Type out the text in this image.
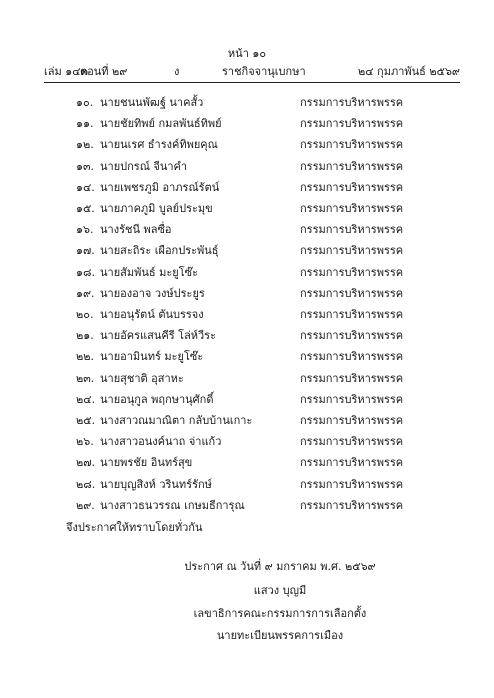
หน้า ๑๐
เล่ม ๑๔๓
ตอนที่ ๒๙	ง	ราชกิจจานุเบกษา	๒๔ กุมภาพันธ์ ๒๕๖๙
๑๐. นายชนนพัฒฐ์ นาคสั้ว	กรรมการบริหารพรรค
๑๑. นายชัยทิพย์ กมลพันธ์ทิพย์	กรรมการบริหารพรรค
๑๒. นายนเรศ ธำรงค์ทิพยคุณ	กรรมการบริหารพรรค
๑๓. นายปกรณ์ จีนาคำ	กรรมการบริหารพรรค
๑๔. นายเพชรภูมิ อาภรณ์รัตน์	กรรมการบริหารพรรค
๑๕. นายภาคภูมิ บูลย์ประมุข	กรรมการบริหารพรรค
๑๖. นางรัชนี พลซื่อ	กรรมการบริหารพรรค
๑๗. นายสะถิระ เผือกประพันธุ์	กรรมการบริหารพรรค
๑๘. นายสัมพันธ์ มะยูโซ๊ะ	กรรมการบริหารพรรค
๑๙. นายองอาจ วงษ์ประยูร	กรรมการบริหารพรรค
๒๐. นายอนุรัตน์ ตันบรรจง	กรรมการบริหารพรรค
๒๑. นายอัครแสนคีรี โล่ห์วีระ	กรรมการบริหารพรรค
๒๒. นายอามินทร์ มะยูโซ๊ะ	กรรมการบริหารพรรค
๒๓. นายสุชาติ อุสาหะ	กรรมการบริหารพรรค
๒๔. นายอนุกูล พฤกษานุศักดิ์	กรรมการบริหารพรรค
๒๕. นางสาวณมาณิตา กลับบ้านเกาะ	กรรมการบริหารพรรค
๒๖. นางสาวอนงค์นาถ จ่าแก้ว	กรรมการบริหารพรรค
๒๗. นายพรชัย อินทร์สุข	กรรมการบริหารพรรค
๒๘. นายบุญสิงห์ วรินทร์รักษ์	กรรมการบริหารพรรค
๒๙. นางสาวธนวรรณ เกษมธีการุณ	กรรมการบริหารพรรค
จึงประกาศให้ทราบโดยทั่วกัน
ประกาศ ณ วันที่ ๙ มกราคม พ.ศ. ๒๕๖๙
แสวง บุญมี
เลขาธิการคณะกรรมการการเลือกตั้ง
นายทะเบียนพรรคการเมือง
